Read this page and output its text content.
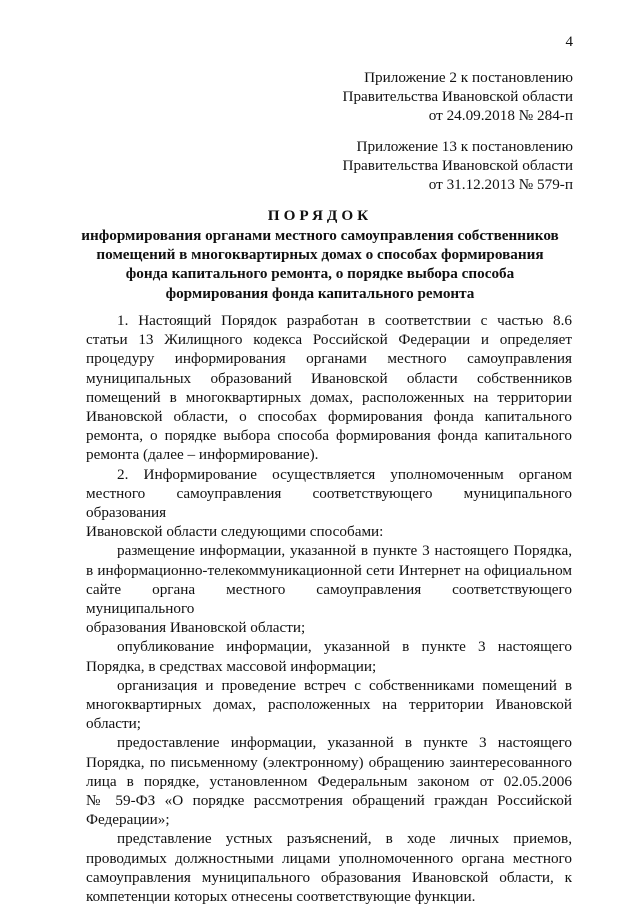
4
Приложение 2 к постановлению
Правительства Ивановской области
от 24.09.2018 № 284-п
Приложение 13 к постановлению
Правительства Ивановской области
от 31.12.2013 № 579-п
ПОРЯДОК
информирования органами местного самоуправления собственников
помещений в многоквартирных домах о способах формирования
фонда капитального ремонта, о порядке выбора способа
формирования фонда капитального ремонта
1. Настоящий Порядок разработан в соответствии с частью 8.6
статьи 13 Жилищного кодекса Российской Федерации и определяет
процедуру информирования органами местного самоуправления
муниципальных образований Ивановской области собственников
помещений в многоквартирных домах, расположенных на территории
Ивановской области, о способах формирования фонда капитального
ремонта, о порядке выбора способа формирования фонда капитального
ремонта (далее – информирование).
2. Информирование осуществляется уполномоченным органом
местного самоуправления соответствующего муниципального образования
Ивановской области следующими способами:
размещение информации, указанной в пункте 3 настоящего Порядка,
в информационно-телекоммуникационной сети Интернет на официальном
сайте органа местного самоуправления соответствующего муниципального
образования Ивановской области;
опубликование информации, указанной в пункте 3 настоящего
Порядка, в средствах массовой информации;
организация и проведение встреч с собственниками помещений в
многоквартирных домах, расположенных на территории Ивановской
области;
предоставление информации, указанной в пункте 3 настоящего
Порядка, по письменному (электронному) обращению заинтересованного
лица в порядке, установленном Федеральным законом от 02.05.2006
№ 59-ФЗ «О порядке рассмотрения обращений граждан Российской
Федерации»;
представление устных разъяснений, в ходе личных приемов,
проводимых должностными лицами уполномоченного органа местного
самоуправления муниципального образования Ивановской области, к
компетенции которых отнесены соответствующие функции.
